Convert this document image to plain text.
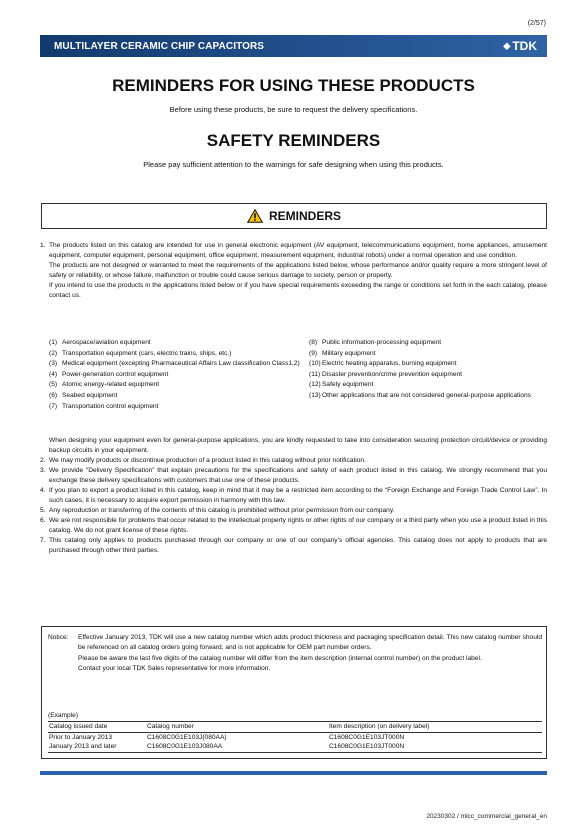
(2/57)
MULTILAYER CERAMIC CHIP CAPACITORS	⬥ TDK
REMINDERS FOR USING THESE PRODUCTS
Before using these products, be sure to request the delivery specifications.
SAFETY REMINDERS
Please pay sufficient attention to the warnings for safe designing when using this products.
REMINDERS
1. The products listed on this catalog are intended for use in general electronic equipment (AV equipment, telecommunications equipment, home appliances, amusement equipment, computer equipment, personal equipment, office equipment, measurement equipment, industrial robots) under a normal operation and use condition.
The products are not designed or warranted to meet the requirements of the applications listed below, whose performance and/or quality require a more stringent level of safety or reliability, or whose failure, malfunction or trouble could cause serious damage to society, person or property.
If you intend to use the products in the applications listed below or if you have special requirements exceeding the range or conditions set forth in the each catalog, please contact us.
(1) Aerospace/aviation equipment
(2) Transportation equipment (cars, electric trains, ships, etc.)
(3) Medical equipment (excepting Pharmaceutical Affairs Law classification Class1,2)
(4) Power-generation control equipment
(5) Atomic energy-related equipment
(6) Seabed equipment
(7) Transportation control equipment
(8) Public information-processing equipment
(9) Military equipment
(10) Electric heating apparatus, burning equipment
(11) Disaster prevention/crime prevention equipment
(12) Safety equipment
(13) Other applications that are not considered general-purpose applications
When designing your equipment even for general-purpose applications, you are kindly requested to take into consideration securing protection circuit/device or providing backup circuits in your equipment.
2. We may modify products or discontinue production of a product listed in this catalog without prior notification.
3. We provide “Delivery Specification” that explain precautions for the specifications and safety of each product listed in this catalog. We strongly recommend that you exchange these delivery specifications with customers that use one of these products.
4. If you plan to export a product listed in this catalog, keep in mind that it may be a restricted item according to the “Foreign Exchange and Foreign Trade Control Law”. In such cases, it is necessary to acquire export permission in harmony with this law.
5. Any reproduction or transferring of the contents of this catalog is prohibited without prior permission from our company.
6. We are not responsible for problems that occur related to the intellectual property rights or other rights of our company or a third party when you use a product listed in this catalog. We do not grant license of these rights.
7. This catalog only applies to products purchased through our company or one of our company’s official agencies. This catalog does not apply to products that are purchased through other third parties.
Notice:	Effective January 2013, TDK will use a new catalog number which adds product thickness and packaging specification detail. This new catalog number should be referenced on all catalog orders going forward, and is not applicable for OEM part number orders.
Please be aware the last five digits of the catalog number will differ from the item description (internal control number) on the product label.
Contact your local TDK Sales representative for more information.
(Example)
Catalog issued date	Catalog number	Item description (on delivery label)
Prior to January 2013	C1608C0G1E103J(080AA)	C1608C0G1E103JT000N
January 2013 and later	C1608C0G1E103J080AA	C1608C0G1E103JT000N
20230302 / mlcc_commercial_general_en
